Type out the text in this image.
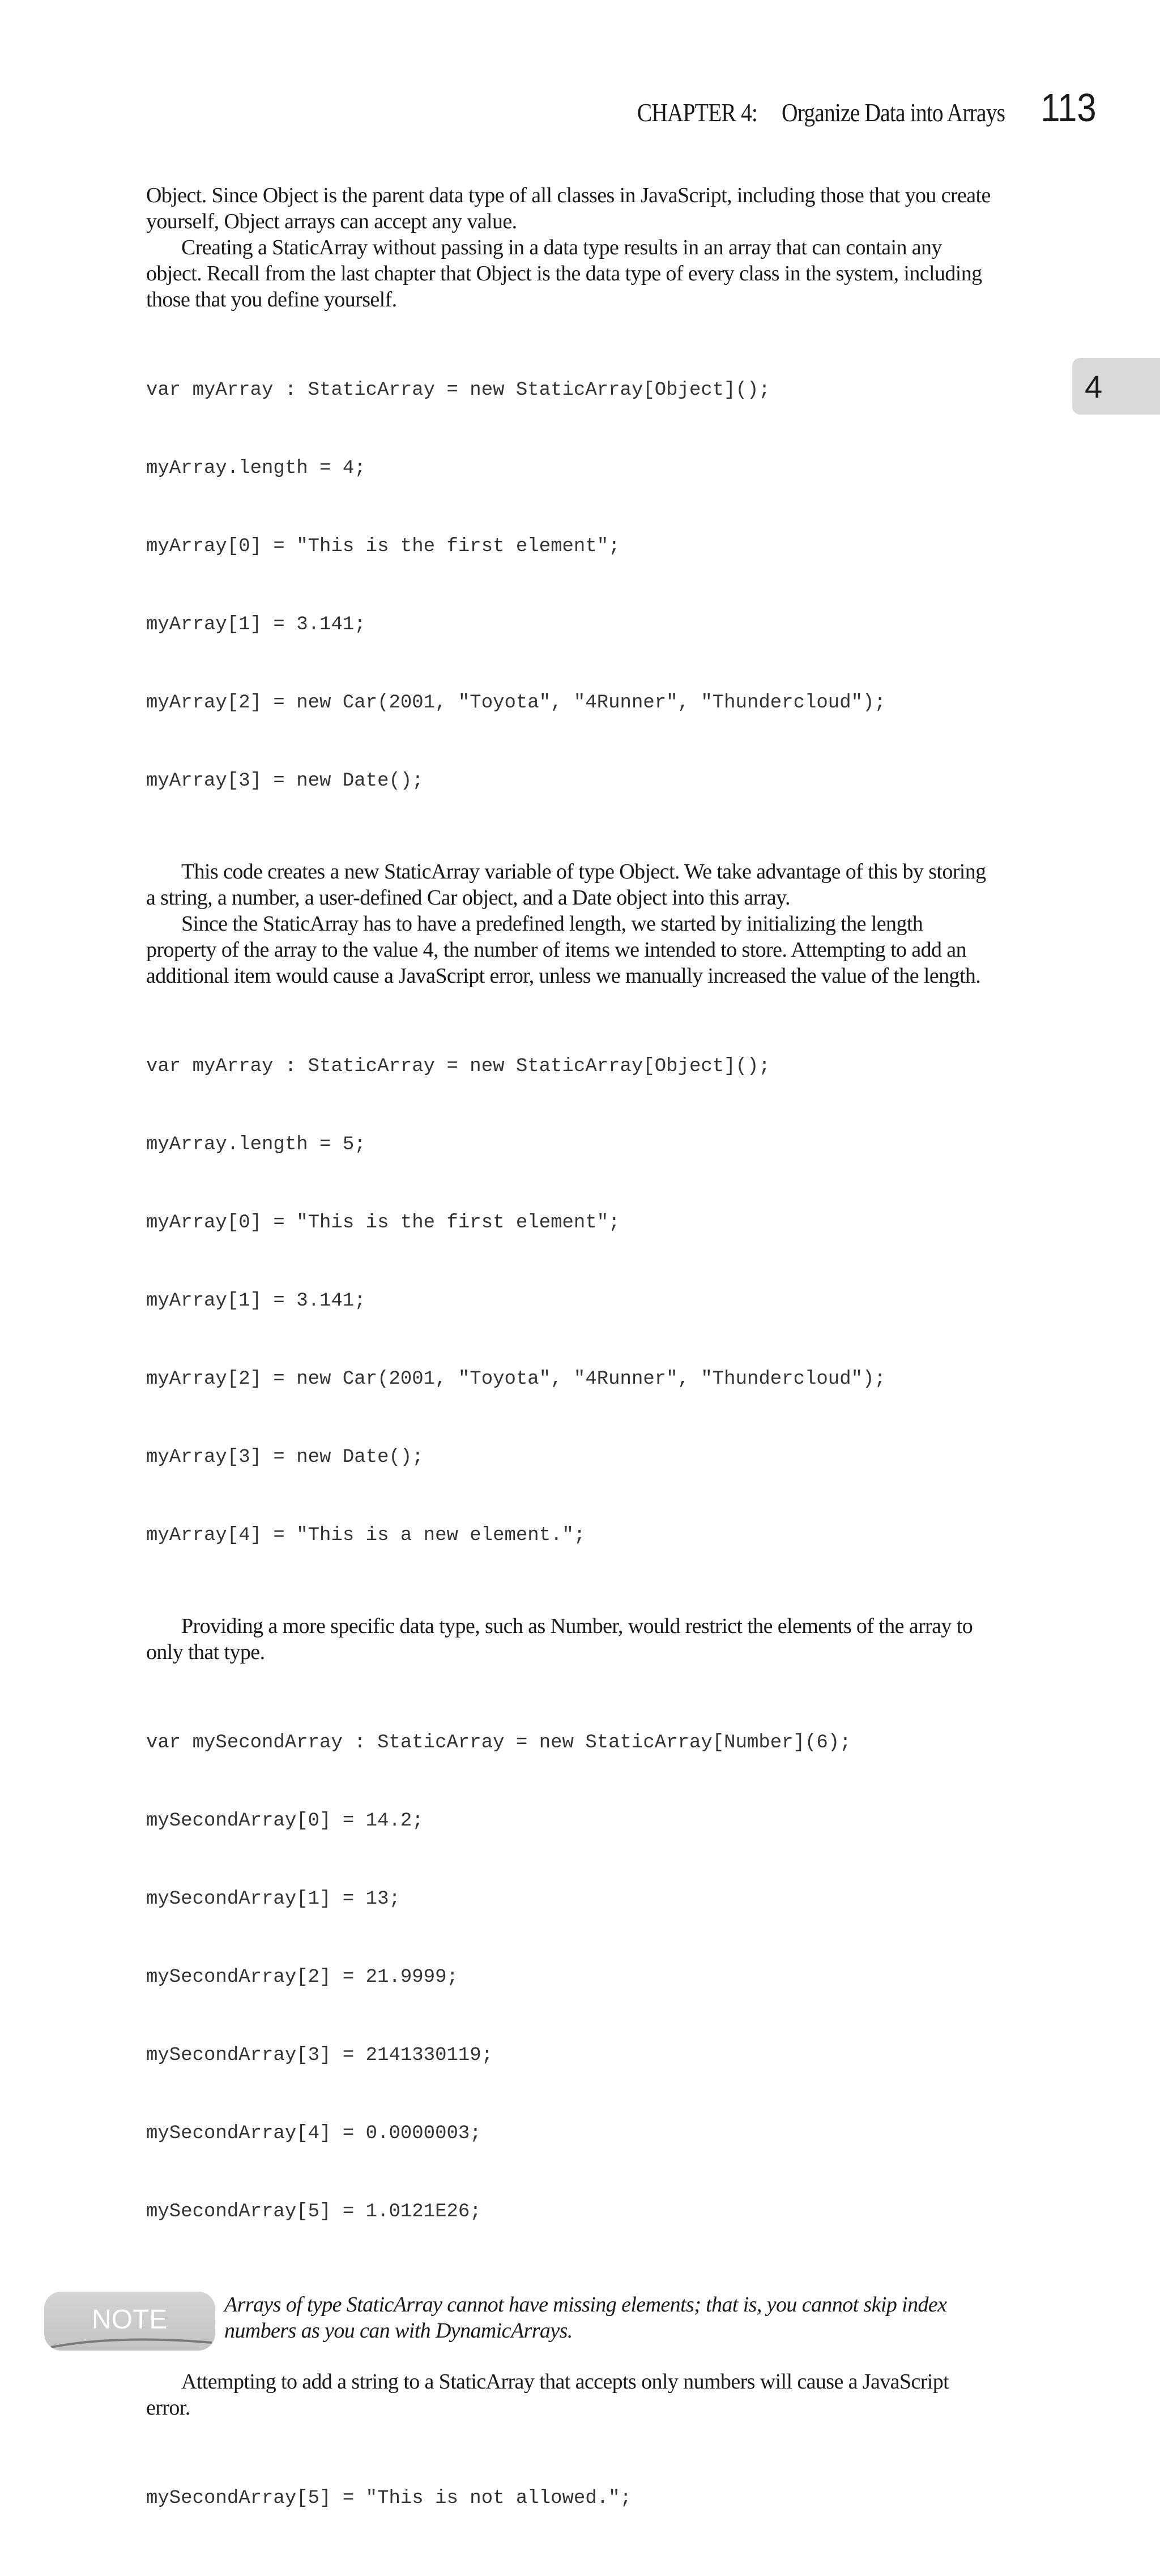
CHAPTER 4: Organize Data into Arrays 113
4

Object. Since Object is the parent data type of all classes in JavaScript, including those that you create yourself, Object arrays can accept any value.

Creating a StaticArray without passing in a data type results in an array that can contain any object. Recall from the last chapter that Object is the data type of every class in the system, including those that you define yourself.

var myArray : StaticArray = new StaticArray[Object]();

myArray.length = 4;

myArray[0] = "This is the first element";

myArray[1] = 3.141;

myArray[2] = new Car(2001, "Toyota", "4Runner", "Thundercloud");

myArray[3] = new Date();

This code creates a new StaticArray variable of type Object. We take advantage of this by storing a string, a number, a user-defined Car object, and a Date object into this array.

Since the StaticArray has to have a predefined length, we started by initializing the length property of the array to the value 4, the number of items we intended to store. Attempting to add an additional item would cause a JavaScript error, unless we manually increased the value of the length.

var myArray : StaticArray = new StaticArray[Object]();

myArray.length = 5;

myArray[0] = "This is the first element";

myArray[1] = 3.141;

myArray[2] = new Car(2001, "Toyota", "4Runner", "Thundercloud");

myArray[3] = new Date();

myArray[4] = "This is a new element.";

Providing a more specific data type, such as Number, would restrict the elements of the array to only that type.

var mySecondArray : StaticArray = new StaticArray[Number](6);

mySecondArray[0] = 14.2;

mySecondArray[1] = 13;

mySecondArray[2] = 21.9999;

mySecondArray[3] = 2141330119;

mySecondArray[4] = 0.0000003;

mySecondArray[5] = 1.0121E26;

NOTE	Arrays of type StaticArray cannot have missing elements; that is, you cannot skip index numbers as you can with DynamicArrays.

Attempting to add a string to a StaticArray that accepts only numbers will cause a JavaScript error.

mySecondArray[5] = "This is not allowed.";
